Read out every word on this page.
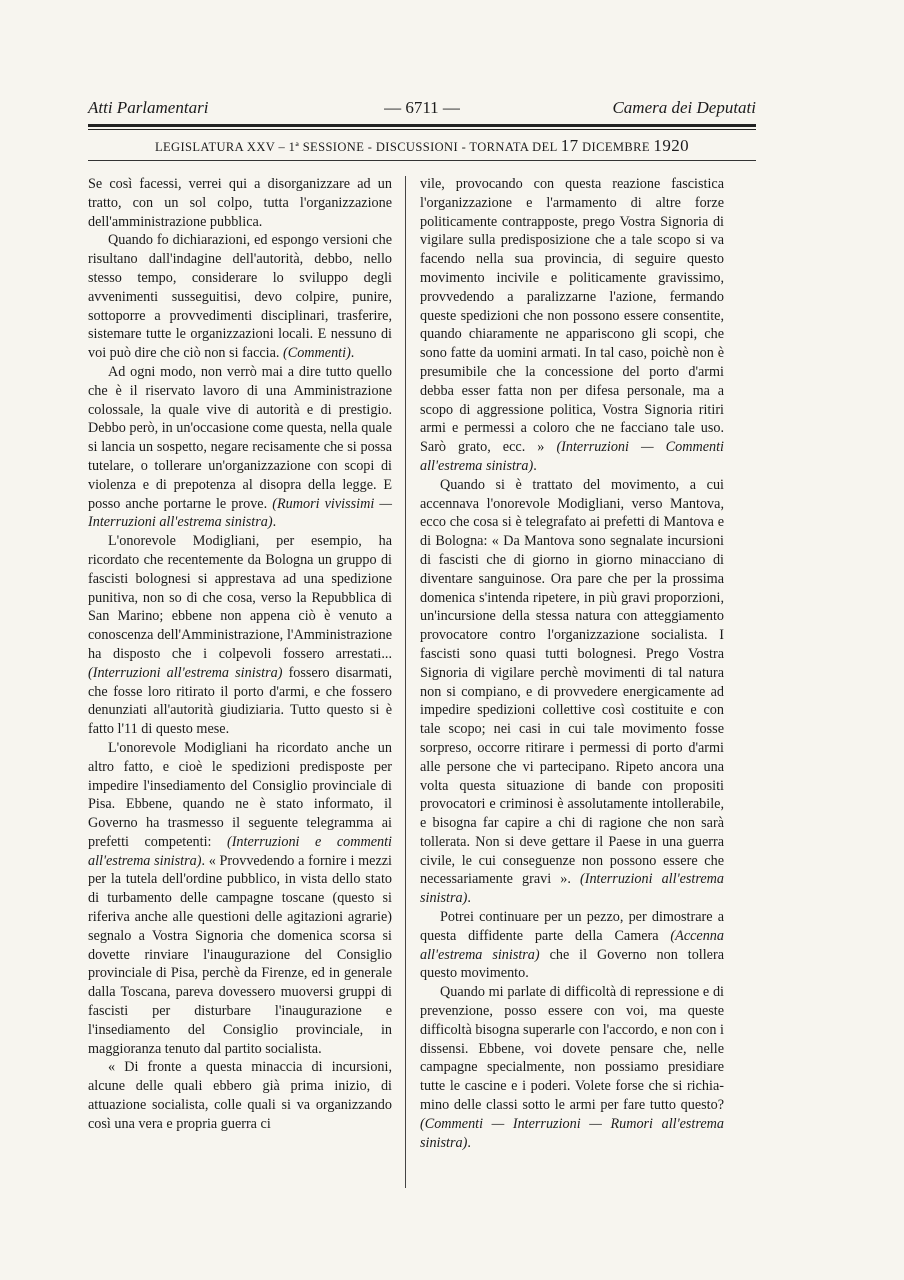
Atti Parlamentari	— 6711 —	Camera dei Deputati
LEGISLATURA XXV – 1ª SESSIONE - DISCUSSIONI - TORNATA DEL 17 DICEMBRE 1920

Se così facessi, verrei qui a disorganizzare ad un tratto, con un sol colpo, tutta l'organizzazione dell'amministrazione pubblica.

Quando fo dichiarazioni, ed espongo versioni che risultano dall'indagine dell'autorità, debbo, nello stesso tempo, considerare lo sviluppo degli avvenimenti susseguitisi, devo colpire, punire, sottoporre a provvedimenti disciplinari, trasferire, sistemare tutte le organizzazioni locali. E nessuno di voi può dire che ciò non si faccia. (Commenti).

Ad ogni modo, non verrò mai a dire tutto quello che è il riservato lavoro di una Amministrazione colossale, la quale vive di autorità e di prestigio. Debbo però, in un'occasione come questa, nella quale si lancia un sospetto, negare recisamente che si possa tutelare, o tollerare un'organizzazione con scopi di violenza e di prepotenza al disopra della legge. E posso anche portarne le prove. (Rumori vivissimi — Interruzioni all'estrema sinistra).

L'onorevole Modigliani, per esempio, ha ricordato che recentemente da Bologna un gruppo di fascisti bolognesi si apprestava ad una spedizione punitiva, non so di che cosa, verso la Repubblica di San Marino; ebbene non appena ciò è venuto a conoscenza dell'Amministrazione, l'Amministrazione ha disposto che i colpevoli fossero arrestati... (Interruzioni all'estrema sinistra) fossero disarmati, che fosse loro ritirato il porto d'armi, e che fossero denunziati all'autorità giudiziaria. Tutto questo si è fatto l'11 di questo mese.

L'onorevole Modigliani ha ricordato anche un altro fatto, e cioè le spedizioni predisposte per impedire l'insediamento del Consiglio provinciale di Pisa. Ebbene, quando ne è stato informato, il Governo ha trasmesso il seguente telegramma ai prefetti competenti: (Interruzioni e commenti all'estrema sinistra). « Provvedendo a fornire i mezzi per la tutela dell'ordine pubblico, in vista dello stato di turbamento delle campagne toscane (questo si riferiva anche alle questioni delle agitazioni agrarie) segnalo a Vostra Signoria che domenica scorsa si dovette rinviare l'inaugurazione del Consiglio provinciale di Pisa, perchè da Firenze, ed in generale dalla Toscana, pareva dovessero muoversi gruppi di fascisti per disturbare l'inaugurazione e l'insediamento del Consiglio provinciale, in maggioranza tenuto dal partito socialista.

« Di fronte a questa minaccia di incursioni, alcune delle quali ebbero già prima inizio, di attuazione socialista, colle quali si va organizzando così una vera e propria guerra ci

vile, provocando con questa reazione fascistica l'organizzazione e l'armamento di altre forze politicamente contrapposte, prego Vostra Signoria di vigilare sulla predisposizione che a tale scopo si va facendo nella sua provincia, di seguire questo movimento incivile e politicamente gravissimo, provvedendo a paralizzarne l'azione, fermando queste spedizioni che non possono essere consentite, quando chiaramente ne appariscono gli scopi, che sono fatte da uomini armati. In tal caso, poichè non è presumibile che la concessione del porto d'armi debba esser fatta non per difesa personale, ma a scopo di aggressione politica, Vostra Signoria ritiri armi e permessi a coloro che ne facciano tale uso. Sarò grato, ecc. » (Interruzioni — Commenti all'estrema sinistra).

Quando si è trattato del movimento, a cui accennava l'onorevole Modigliani, verso Mantova, ecco che cosa si è telegrafato ai prefetti di Mantova e di Bologna: « Da Mantova sono segnalate incursioni di fascisti che di giorno in giorno minacciano di diventare sanguinose. Ora pare che per la prossima domenica s'intenda ripetere, in più gravi proporzioni, un'incursione della stessa natura con atteggiamento provocatore contro l'organizzazione socialista. I fascisti sono quasi tutti bolognesi. Prego Vostra Signoria di vigilare perchè movimenti di tal natura non si compiano, e di provvedere energicamente ad impedire spedizioni collettive così costituite e con tale scopo; nei casi in cui tale movimento fosse sorpreso, occorre ritirare i permessi di porto d'armi alle persone che vi partecipano. Ripeto ancora una volta questa situazione di bande con propositi provocatori e criminosi è assolutamente intollerabile, e bisogna far capire a chi di ragione che non sarà tollerata. Non si deve gettare il Paese in una guerra civile, le cui conseguenze non possono essere che necessariamente gravi ». (Interruzioni all'estrema sinistra).

Potrei continuare per un pezzo, per dimostrare a questa diffidente parte della Camera (Accenna all'estrema sinistra) che il Governo non tollera questo movimento.

Quando mi parlate di difficoltà di repressione e di prevenzione, posso essere con voi, ma queste difficoltà bisogna superarle con l'accordo, e non con i dissensi. Ebbene, voi dovete pensare che, nelle campagne specialmente, non possiamo presidiare tutte le cascine e i poderi. Volete forse che si richiamino delle classi sotto le armi per fare tutto questo? (Commenti — Interruzioni — Rumori all'estrema sinistra).
